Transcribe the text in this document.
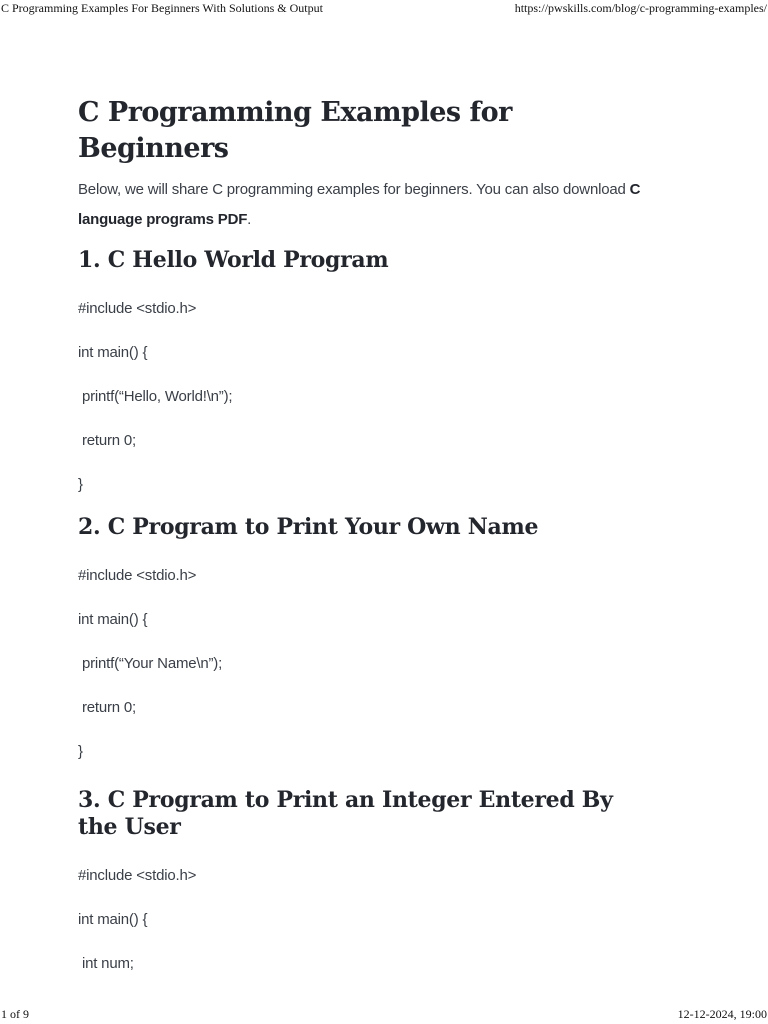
C Programming Examples For Beginners With Solutions & Output	https://pwskills.com/blog/c-programming-examples/
C Programming Examples for Beginners

Below, we will share C programming examples for beginners. You can also download C language programs PDF.

1. C Hello World Program

#include <stdio.h>

int main() {

printf(“Hello, World!\n”);

return 0;

}

2. C Program to Print Your Own Name

#include <stdio.h>

int main() {

printf(“Your Name\n”);

return 0;

}

3. C Program to Print an Integer Entered By the User

#include <stdio.h>

int main() {

int num;

1 of 9	12-12-2024, 19:00
